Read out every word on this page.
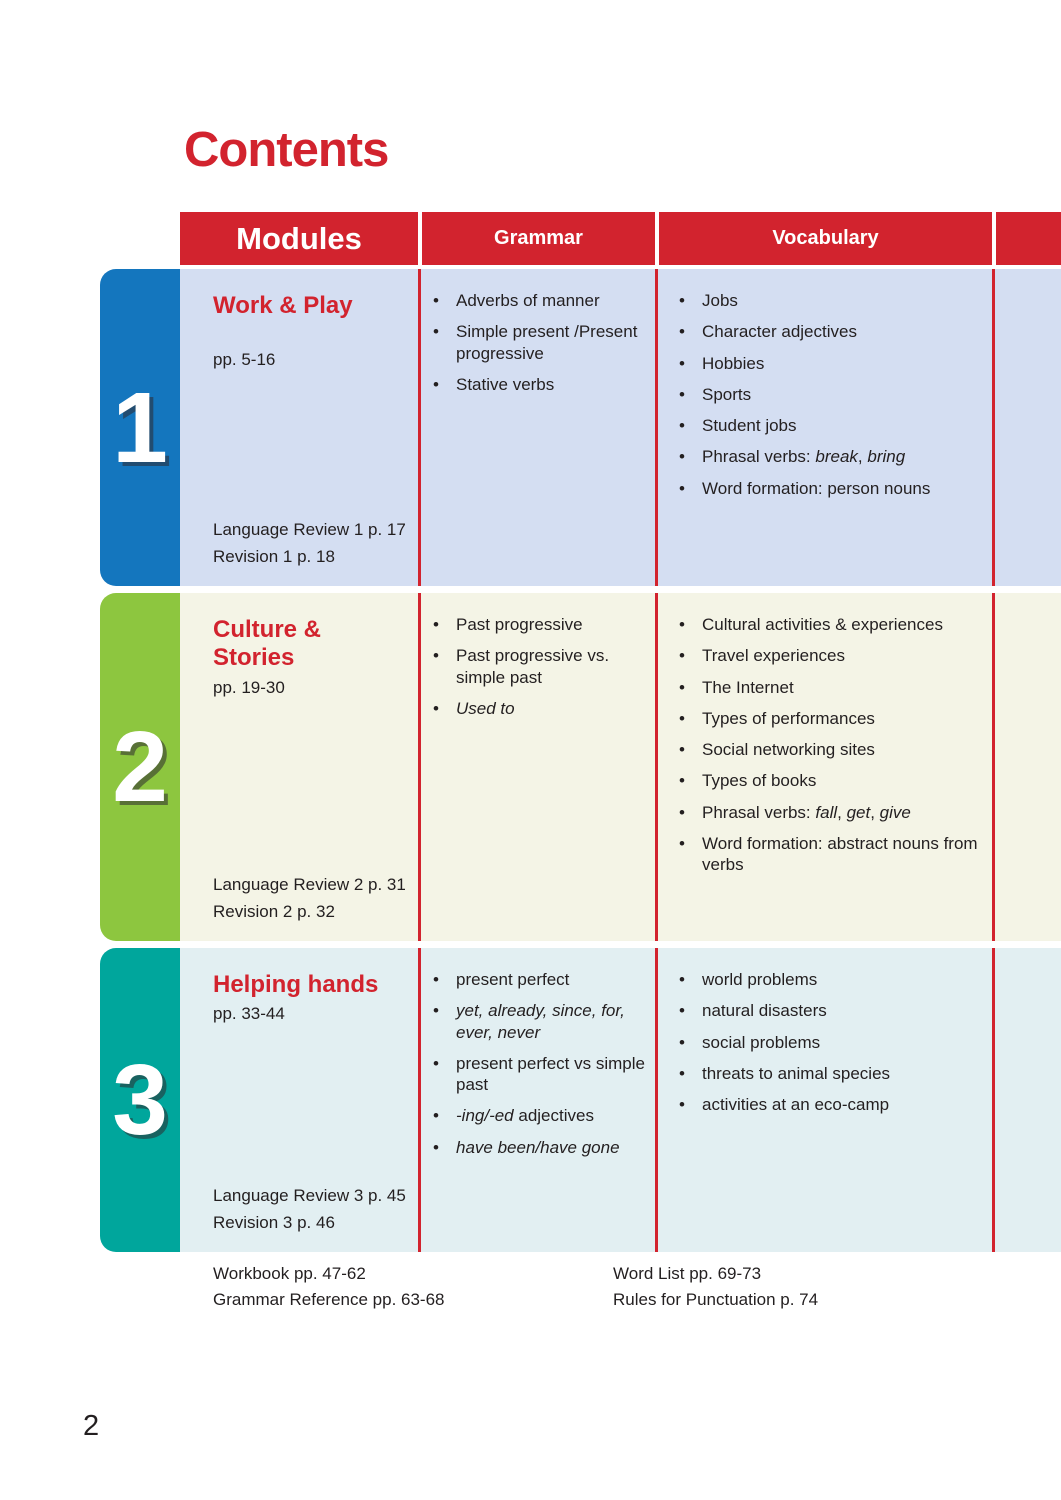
Contents
Modules	Grammar	Vocabulary
1
Work & Play
pp. 5-16
Language Review 1 p. 17
Revision 1 p. 18
• Adverbs of manner
• Simple present /Present progressive
• Stative verbs
• Jobs
• Character adjectives
• Hobbies
• Sports
• Student jobs
• Phrasal verbs: break, bring
• Word formation: person nouns
2
Culture & Stories
pp. 19-30
Language Review 2 p. 31
Revision 2 p. 32
• Past progressive
• Past progressive vs. simple past
• Used to
• Cultural activities & experiences
• Travel experiences
• The Internet
• Types of performances
• Social networking sites
• Types of books
• Phrasal verbs: fall, get, give
• Word formation: abstract nouns from verbs
3
Helping hands
pp. 33-44
Language Review 3 p. 45
Revision 3 p. 46
• present perfect
• yet, already, since, for, ever, never
• present perfect vs simple past
• -ing/-ed adjectives
• have been/have gone
• world problems
• natural disasters
• social problems
• threats to animal species
• activities at an eco-camp
Workbook pp. 47-62
Grammar Reference pp. 63-68
Word List pp. 69-73
Rules for Punctuation p. 74
2
